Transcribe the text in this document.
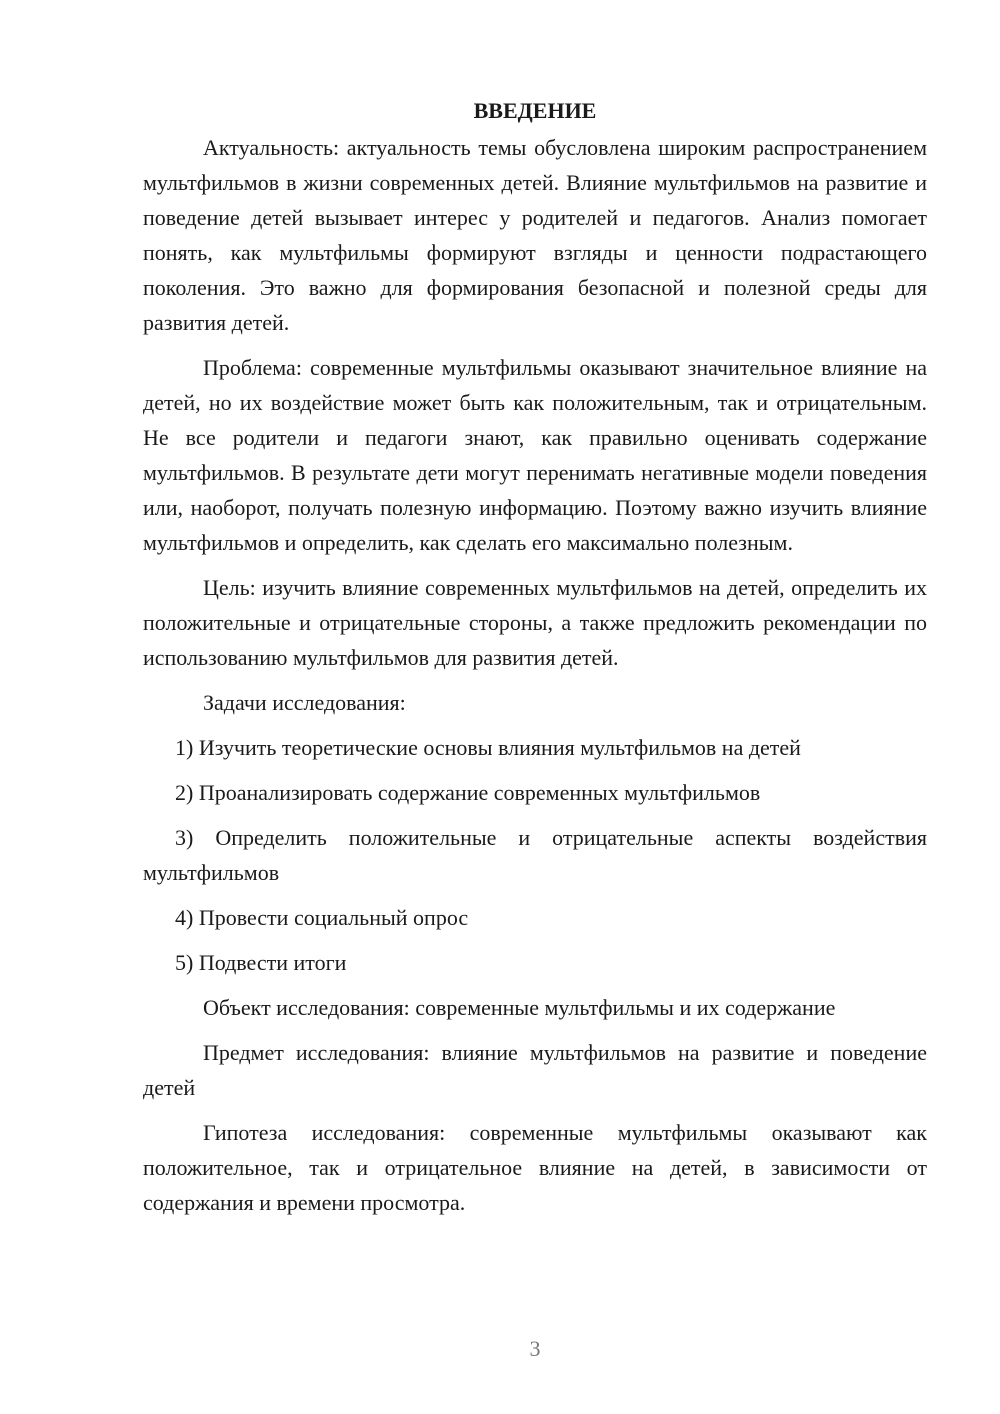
ВВЕДЕНИЕ

Актуальность: актуальность темы обусловлена широким распространением мультфильмов в жизни современных детей. Влияние мультфильмов на развитие и поведение детей вызывает интерес у родителей и педагогов. Анализ помогает понять, как мультфильмы формируют взгляды и ценности подрастающего поколения. Это важно для формирования безопасной и полезной среды для развития детей.

Проблема: современные мультфильмы оказывают значительное влияние на детей, но их воздействие может быть как положительным, так и отрицательным. Не все родители и педагоги знают, как правильно оценивать содержание мультфильмов. В результате дети могут перенимать негативные модели поведения или, наоборот, получать полезную информацию. Поэтому важно изучить влияние мультфильмов и определить, как сделать его максимально полезным.

Цель: изучить влияние современных мультфильмов на детей, определить их положительные и отрицательные стороны, а также предложить рекомендации по использованию мультфильмов для развития детей.

Задачи исследования:

1) Изучить теоретические основы влияния мультфильмов на детей

2) Проанализировать содержание современных мультфильмов

3) Определить положительные и отрицательные аспекты воздействия мультфильмов

4) Провести социальный опрос

5) Подвести итоги

Объект исследования: современные мультфильмы и их содержание

Предмет исследования: влияние мультфильмов на развитие и поведение детей

Гипотеза исследования: современные мультфильмы оказывают как положительное, так и отрицательное влияние на детей, в зависимости от содержания и времени просмотра.

3
